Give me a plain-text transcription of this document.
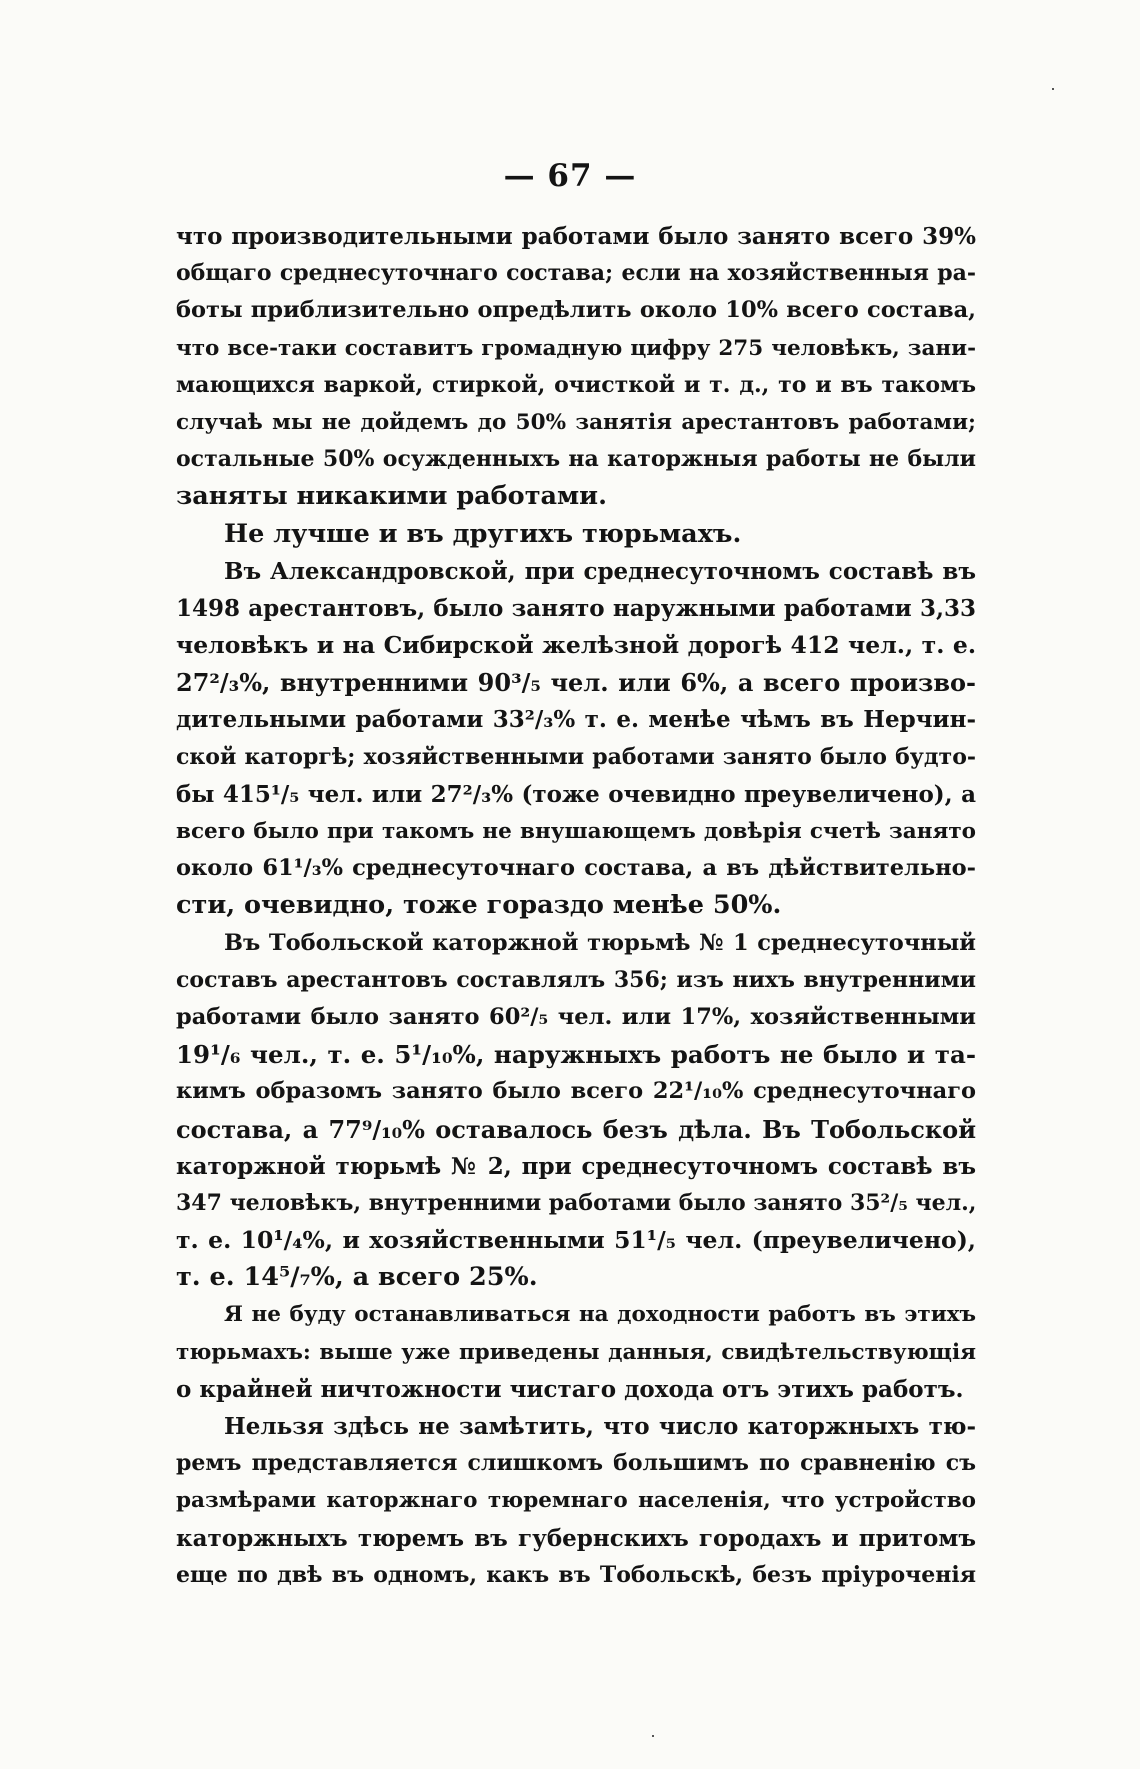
— 67 —
что производительными работами было занято всего 39%
общаго среднесуточнаго состава; если на хозяйственныя ра-
боты приблизительно опредѣлить около 10% всего состава,
что все-таки составитъ громадную цифру 275 человѣкъ, зани-
мающихся варкой, стиркой, очисткой и т. д., то и въ такомъ
случаѣ мы не дойдемъ до 50% занятія арестантовъ работами;
остальные 50% осужденныхъ на каторжныя работы не были
заняты никакими работами.
Не лучше и въ другихъ тюрьмахъ.
Въ Александровской, при среднесуточномъ составѣ въ
1498 арестантовъ, было занято наружными работами 3,33
человѣкъ и на Сибирской желѣзной дорогѣ 412 чел., т. е.
27²/₃%, внутренними 90³/₅ чел. или 6%, а всего произво-
дительными работами 33²/₃% т. е. менѣе чѣмъ въ Нерчин-
ской каторгѣ; хозяйственными работами занято было будто-
бы 415¹/₅ чел. или 27²/₃% (тоже очевидно преувеличено), а
всего было при такомъ не внушающемъ довѣрія счетѣ занято
около 61¹/₃% среднесуточнаго состава, а въ дѣйствительно-
сти, очевидно, тоже гораздо менѣе 50%.
Въ Тобольской каторжной тюрьмѣ № 1 среднесуточный
составъ арестантовъ составлялъ 356; изъ нихъ внутренними
работами было занято 60²/₅ чел. или 17%, хозяйственными
19¹/₆ чел., т. е. 5¹/₁₀%, наружныхъ работъ не было и та-
кимъ образомъ занято было всего 22¹/₁₀% среднесуточнаго
состава, а 77⁹/₁₀% оставалось безъ дѣла. Въ Тобольской
каторжной тюрьмѣ № 2, при среднесуточномъ составѣ въ
347 человѣкъ, внутренними работами было занято 35²/₅ чел.,
т. е. 10¹/₄%, и хозяйственными 51¹/₅ чел. (преувеличено),
т. е. 14⁵/₇%, а всего 25%.
Я не буду останавливаться на доходности работъ въ этихъ
тюрьмахъ: выше уже приведены данныя, свидѣтельствующія
о крайней ничтожности чистаго дохода отъ этихъ работъ.
Нельзя здѣсь не замѣтить, что число каторжныхъ тю-
ремъ представляется слишкомъ большимъ по сравненію съ
размѣрами каторжнаго тюремнаго населенія, что устройство
каторжныхъ тюремъ въ губернскихъ городахъ и притомъ
еще по двѣ въ одномъ, какъ въ Тобольскѣ, безъ пріуроченія
